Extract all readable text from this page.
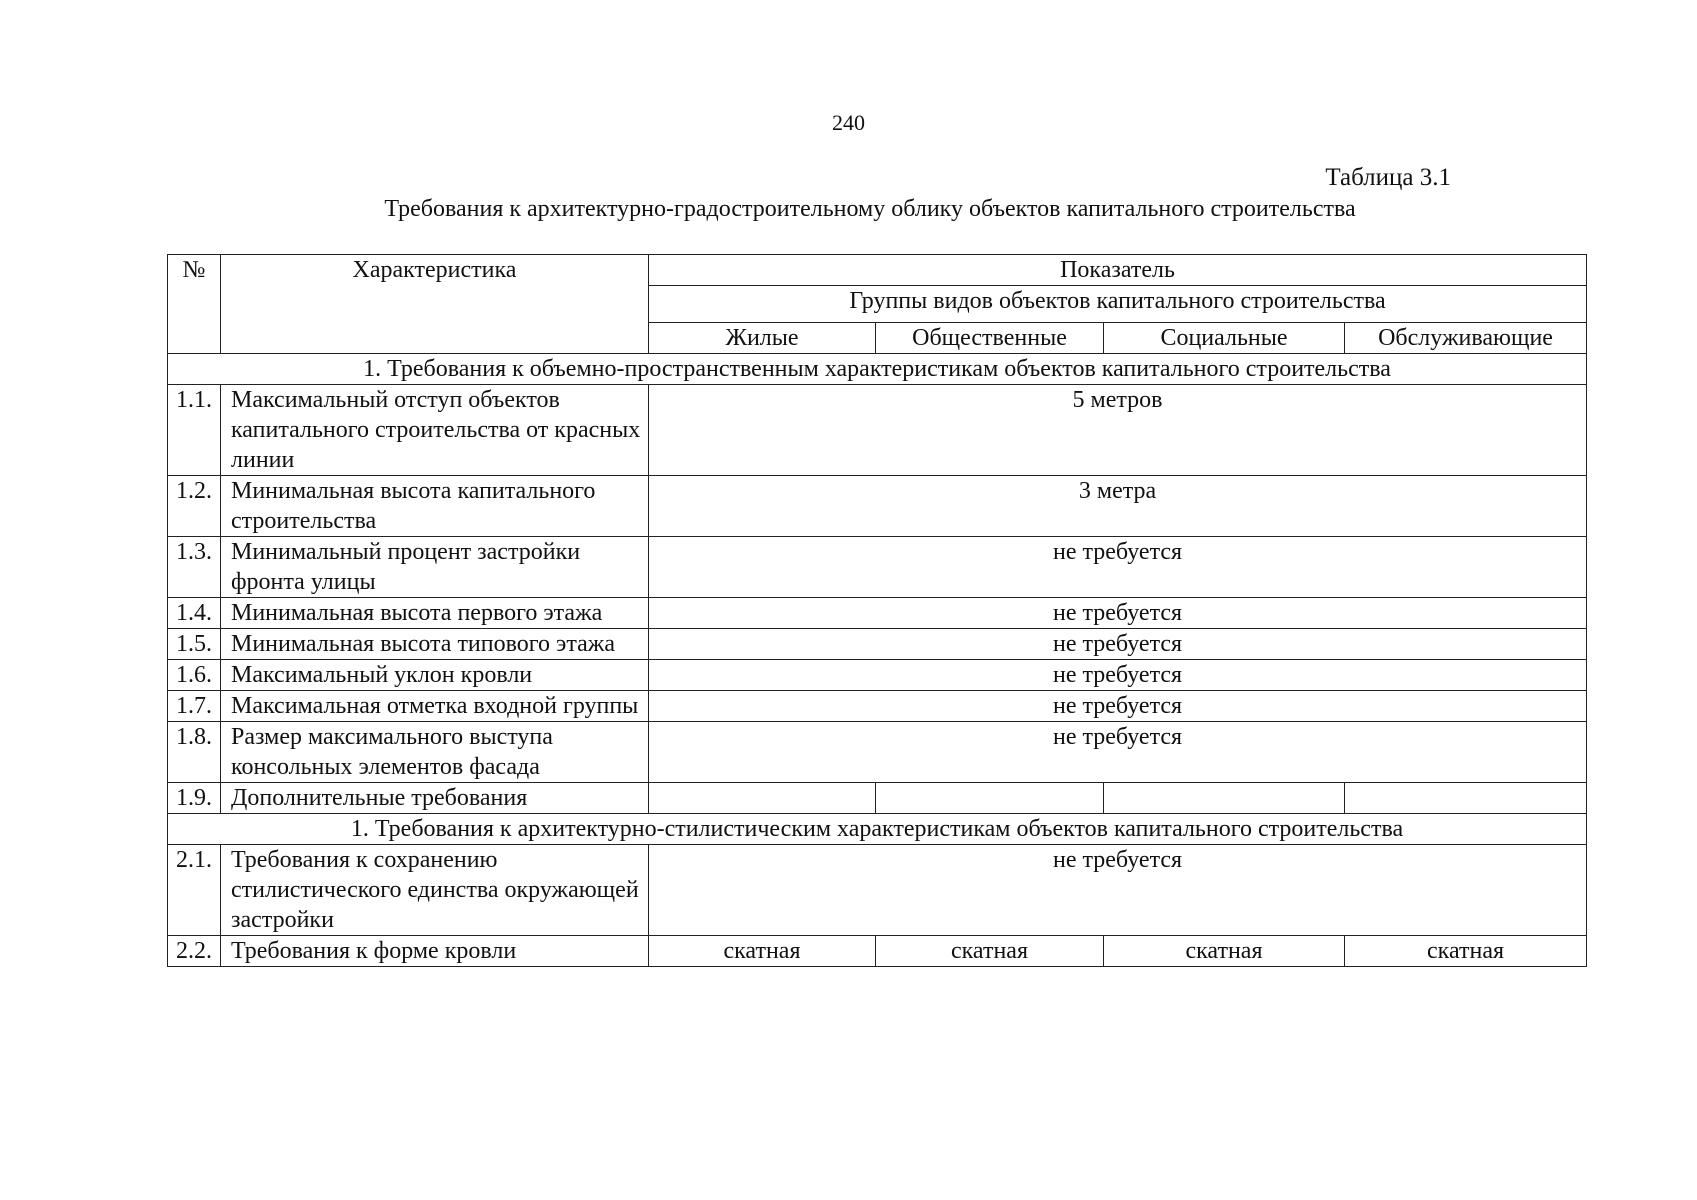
240
Таблица 3.1
Требования к архитектурно-градостроительному облику объектов капитального строительства
№	Характеристика	Показатель			
		Группы видов объектов капитального строительства			
		Жилые	Общественные	Социальные	Обслуживающие
1. Требования к объемно-пространственным характеристикам объектов капитального строительства					
1.1.	Максимальный отступ объектов капитального строительства от красных линии	5 метров			
1.2.	Минимальная высота капитального строительства	3 метра			
1.3.	Минимальный процент застройки фронта улицы	не требуется			
1.4.	Минимальная высота первого этажа	не требуется			
1.5.	Минимальная высота типового этажа	не требуется			
1.6.	Максимальный уклон кровли	не требуется			
1.7.	Максимальная отметка входной группы	не требуется			
1.8.	Размер максимального выступа консольных элементов фасада	не требуется			
1.9.	Дополнительные требования				
1. Требования к архитектурно-стилистическим характеристикам объектов капитального строительства					
2.1.	Требования к сохранению стилистического единства окружающей застройки	не требуется			
2.2.	Требования к форме кровли	скатная	скатная	скатная	скатная
